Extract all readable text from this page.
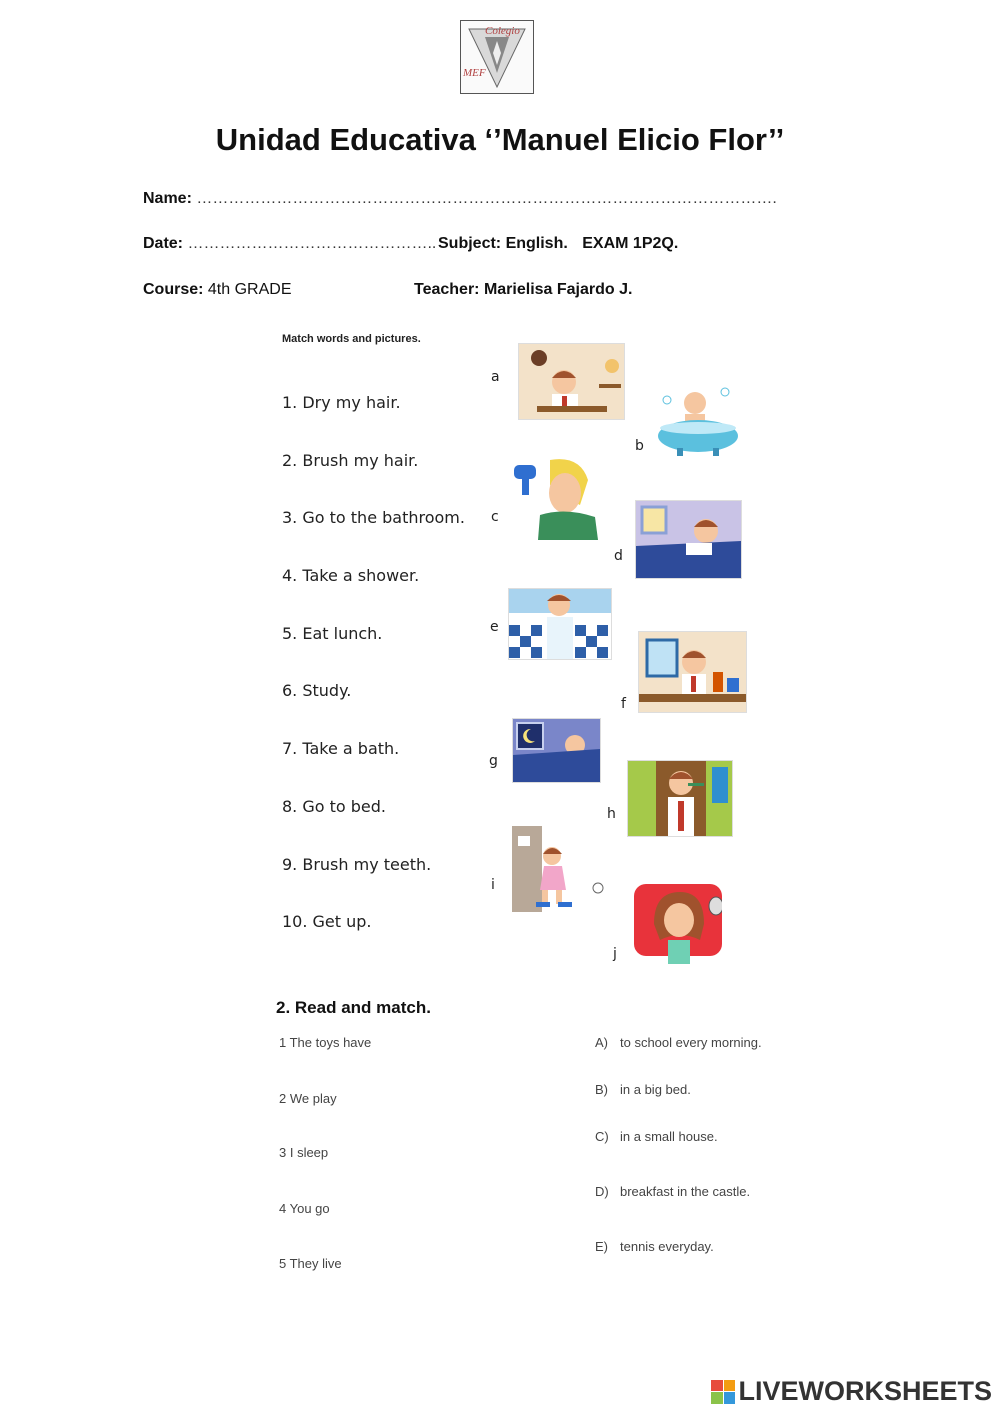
Colegio
MEF
Unidad Educativa ‘’Manuel Elicio Flor’’
Name: ……………………………………………………………………………………………….
Date: ……………………………………….. Subject: English. EXAM 1P2Q.
Course: 4th GRADE	Teacher: Marielisa Fajardo J.
Match words and pictures.
1. Dry my hair.
2. Brush my hair.
3. Go to the bathroom.
4. Take a shower.
5. Eat lunch.
6. Study.
7. Take a bath.
8. Go to bed.
9. Brush my teeth.
10. Get up.
a
b
c
d
e
f
g
h
i
j
2. Read and match.
1 The toys have
2 We play
3 I sleep
4 You go
5 They live
A) to school every morning.
B) in a big bed.
C) in a small house.
D) breakfast in the castle.
E) tennis everyday.
LIVEWORKSHEETS
